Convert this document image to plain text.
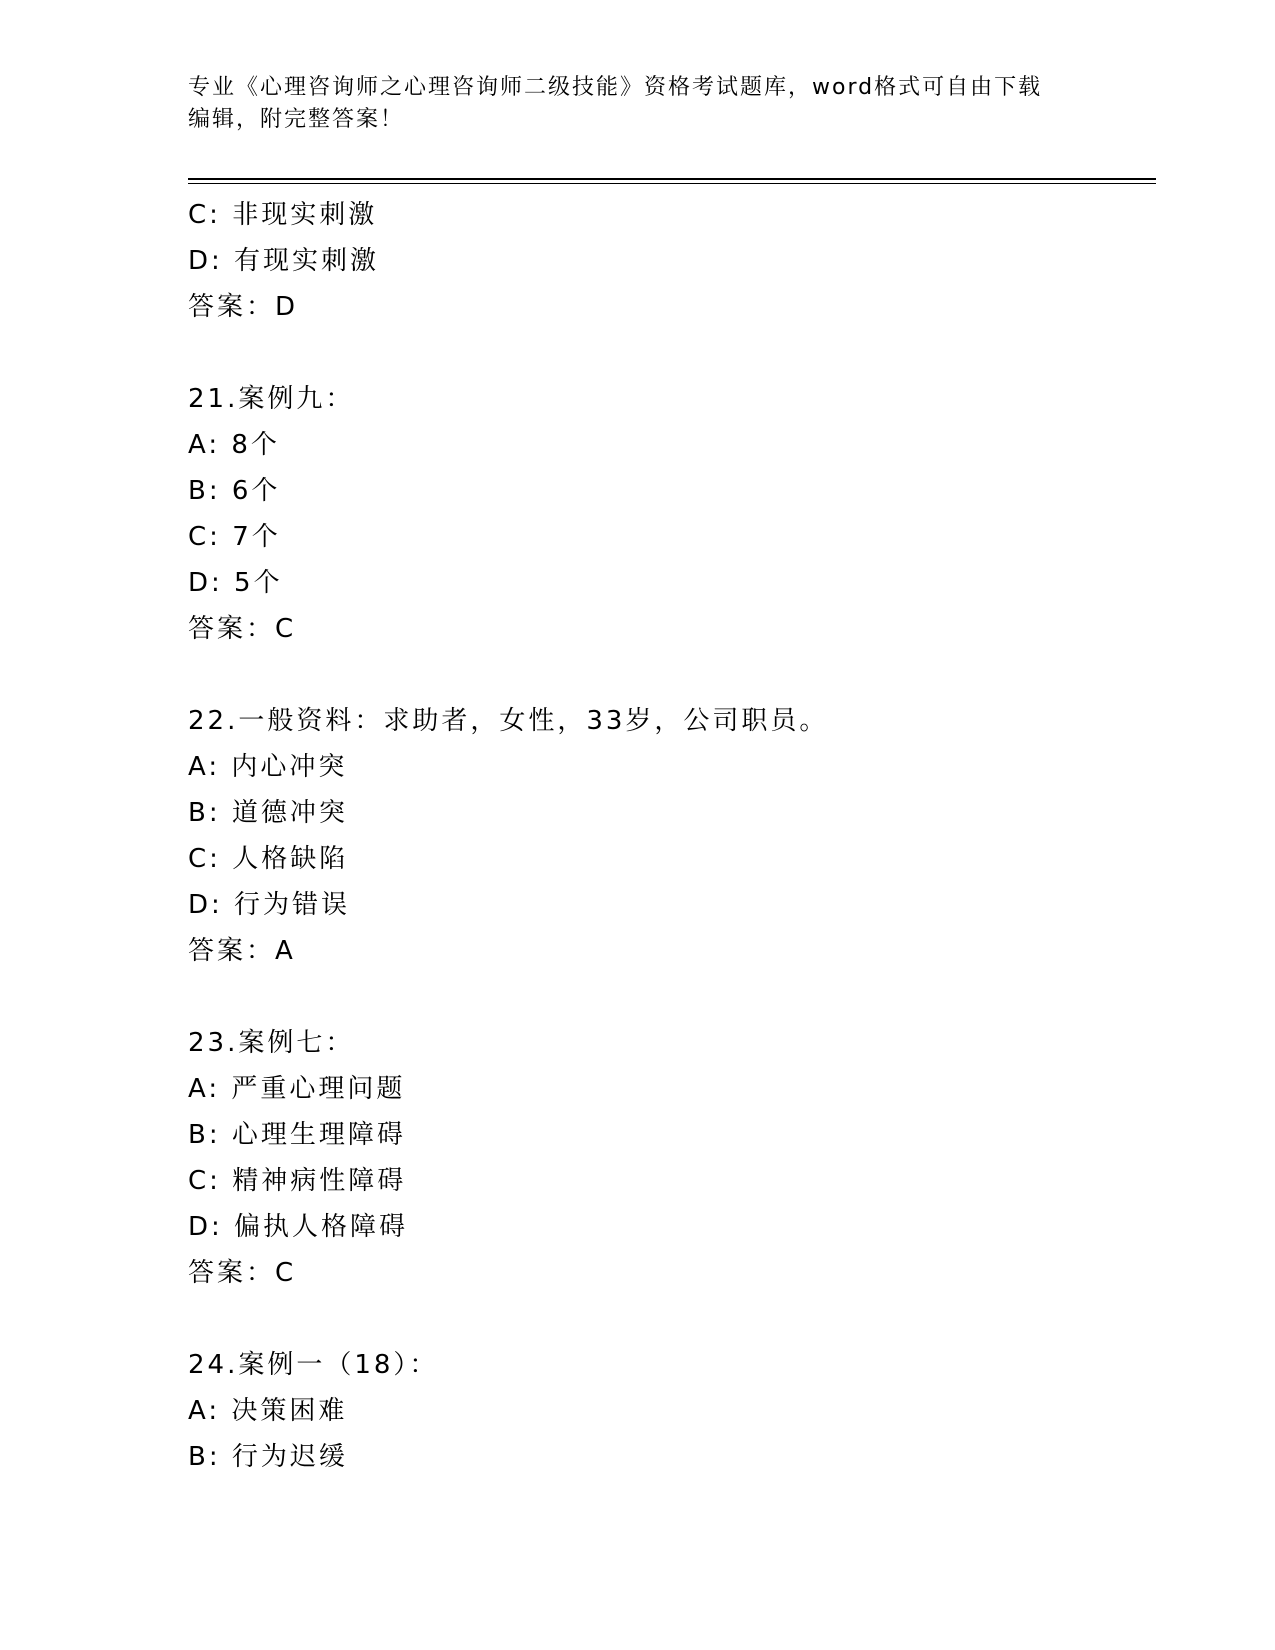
专业《心理咨询师之心理咨询师二级技能》资格考试题库，word格式可自由下载
编辑，附完整答案！
C: 非现实刺激
D: 有现实刺激
答案：D
21.案例九：
A: 8个
B: 6个
C: 7个
D: 5个
答案：C
22.一般资料：求助者，女性，33岁，公司职员。
A: 内心冲突
B: 道德冲突
C: 人格缺陷
D: 行为错误
答案：A
23.案例七：
A: 严重心理问题
B: 心理生理障碍
C: 精神病性障碍
D: 偏执人格障碍
答案：C
24.案例一（18）：
A: 决策困难
B: 行为迟缓
